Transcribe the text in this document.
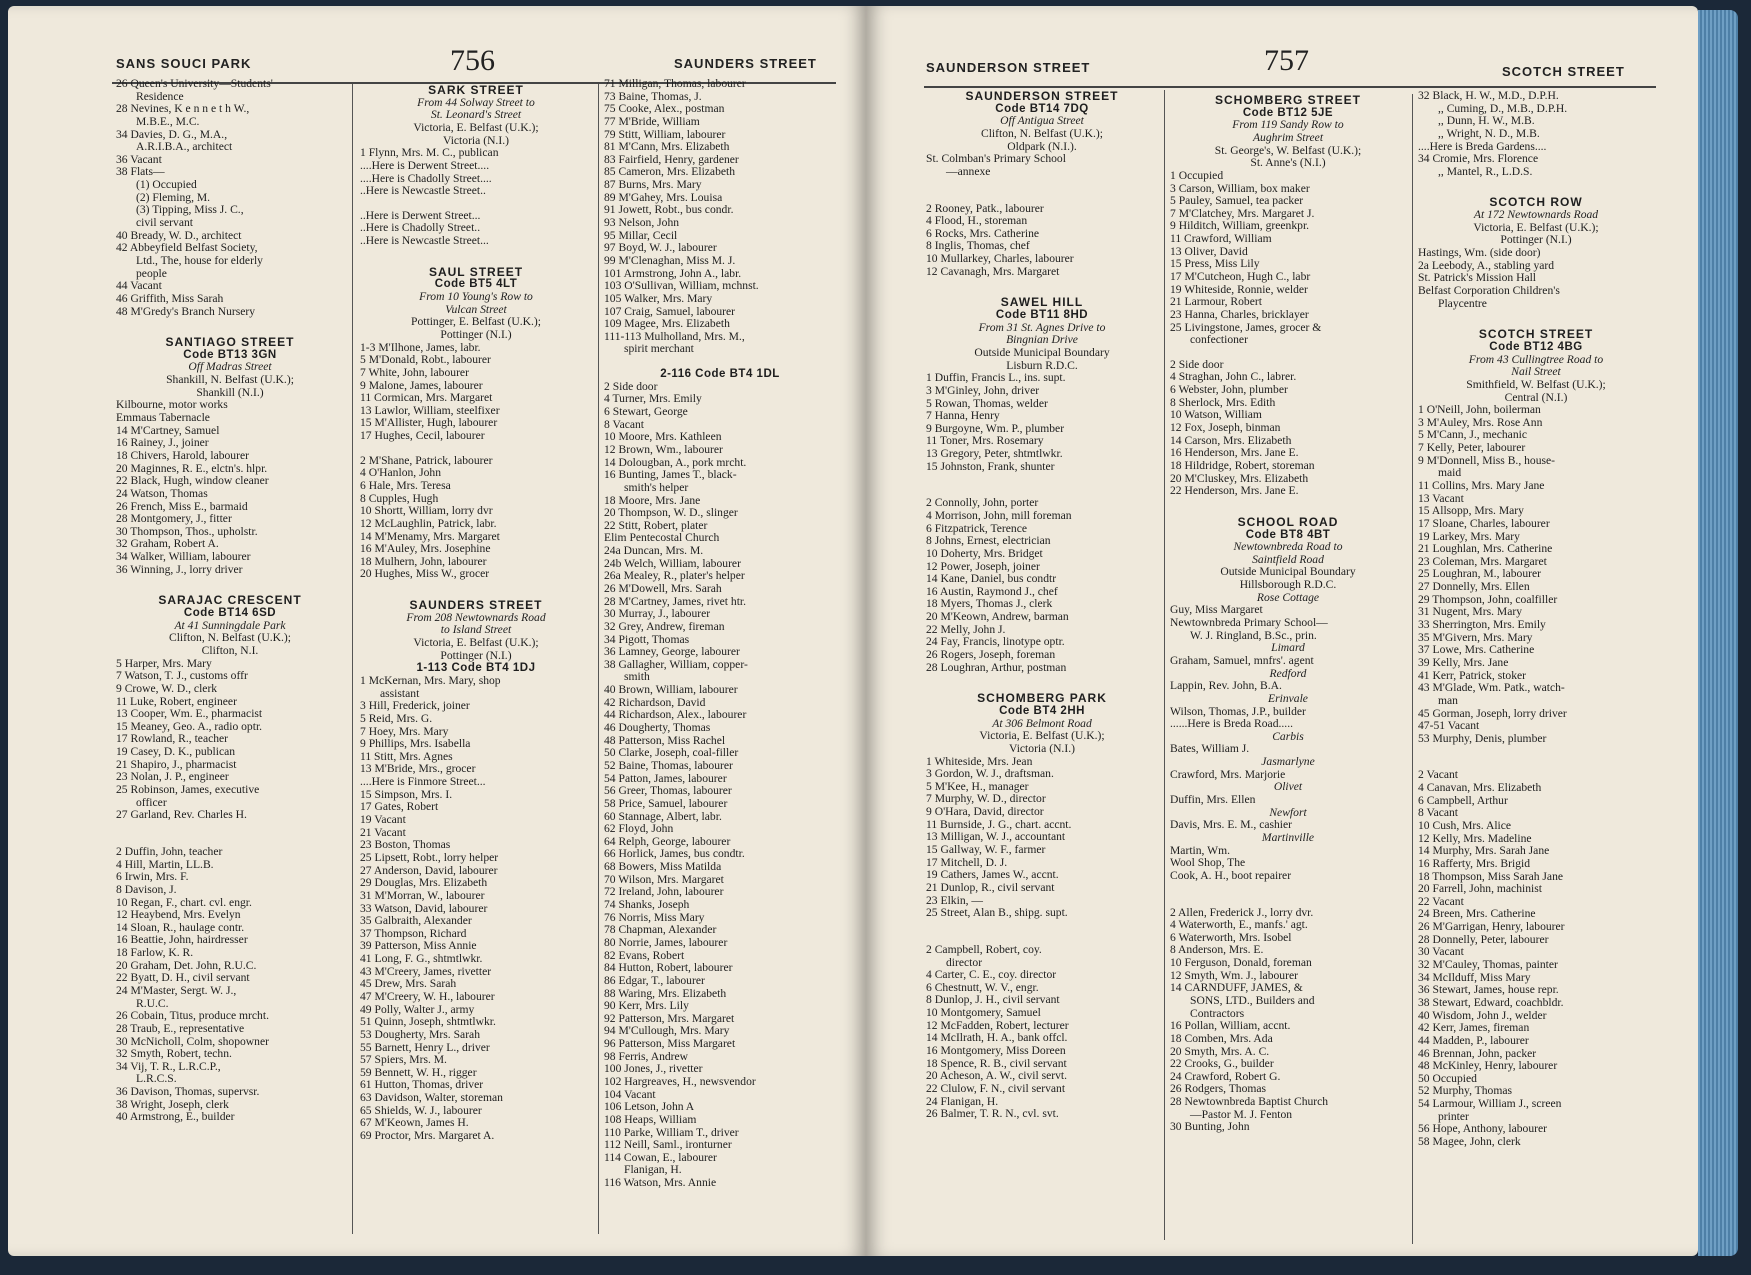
SANS SOUCI PARK	756	SAUNDERS STREET
26 Queen's University—Students'
Residence
28 Nevines, K e n n e t h W.,
M.B.E., M.C.
34 Davies, D. G., M.A.,
A.R.I.B.A., architect
36 Vacant
38 Flats—
(1) Occupied
(2) Fleming, M.
(3) Tipping, Miss J. C.,
civil servant
40 Bready, W. D., architect
42 Abbeyfield Belfast Society,
Ltd., The, house for elderly
people
44 Vacant
46 Griffith, Miss Sarah
48 M'Gredy's Branch Nursery
SANTIAGO STREET
Code BT13 3GN
Off Madras Street
Shankill, N. Belfast (U.K.);
Shankill (N.I.)
Kilbourne, motor works
Emmaus Tabernacle
14 M'Cartney, Samuel
16 Rainey, J., joiner
18 Chivers, Harold, labourer
20 Maginnes, R. E., elctn's. hlpr.
22 Black, Hugh, window cleaner
24 Watson, Thomas
26 French, Miss E., barmaid
28 Montgomery, J., fitter
30 Thompson, Thos., upholstr.
32 Graham, Robert A.
34 Walker, William, labourer
36 Winning, J., lorry driver
SARAJAC CRESCENT
Code BT14 6SD
At 41 Sunningdale Park
Clifton, N. Belfast (U.K.);
Clifton, N.I.
5 Harper, Mrs. Mary
7 Watson, T. J., customs offr
9 Crowe, W. D., clerk
11 Luke, Robert, engineer
13 Cooper, Wm. E., pharmacist
15 Meaney, Geo. A., radio optr.
17 Rowland, R., teacher
19 Casey, D. K., publican
21 Shapiro, J., pharmacist
23 Nolan, J. P., engineer
25 Robinson, James, executive
officer
27 Garland, Rev. Charles H.
2 Duffin, John, teacher
4 Hill, Martin, LL.B.
6 Irwin, Mrs. F.
8 Davison, J.
10 Regan, F., chart. cvl. engr.
12 Heaybend, Mrs. Evelyn
14 Sloan, R., haulage contr.
16 Beattie, John, hairdresser
18 Farlow, K. R.
20 Graham, Det. John, R.U.C.
22 Byatt, D. H., civil servant
24 M'Master, Sergt. W. J.,
R.U.C.
26 Cobain, Titus, produce mrcht.
28 Traub, E., representative
30 McNicholl, Colm, shopowner
32 Smyth, Robert, techn.
34 Vij, T. R., L.R.C.P.,
L.R.C.S.
36 Davison, Thomas, supervsr.
38 Wright, Joseph, clerk
40 Armstrong, E., builder
SARK STREET
From 44 Solway Street to
St. Leonard's Street
Victoria, E. Belfast (U.K.);
Victoria (N.I.)
1 Flynn, Mrs. M. C., publican
....Here is Derwent Street....
....Here is Chadolly Street....
..Here is Newcastle Street..
..Here is Derwent Street...
..Here is Chadolly Street..
..Here is Newcastle Street...
SAUL STREET
Code BT5 4LT
From 10 Young's Row to
Vulcan Street
Pottinger, E. Belfast (U.K.);
Pottinger (N.I.)
1-3 M'Ilhone, James, labr.
5 M'Donald, Robt., labourer
7 White, John, labourer
9 Malone, James, labourer
11 Cormican, Mrs. Margaret
13 Lawlor, William, steelfixer
15 M'Allister, Hugh, labourer
17 Hughes, Cecil, labourer
2 M'Shane, Patrick, labourer
4 O'Hanlon, John
6 Hale, Mrs. Teresa
8 Cupples, Hugh
10 Shortt, William, lorry dvr
12 McLaughlin, Patrick, labr.
14 M'Menamy, Mrs. Margaret
16 M'Auley, Mrs. Josephine
18 Mulhern, John, labourer
20 Hughes, Miss W., grocer
SAUNDERS STREET
From 208 Newtownards Road
to Island Street
Victoria, E. Belfast (U.K.);
Pottinger (N.I.)
1-113 Code BT4 1DJ
1 McKernan, Mrs. Mary, shop
assistant
3 Hill, Frederick, joiner
5 Reid, Mrs. G.
7 Hoey, Mrs. Mary
9 Phillips, Mrs. Isabella
11 Stitt, Mrs. Agnes
13 M'Bride, Mrs., grocer
....Here is Finmore Street...
15 Simpson, Mrs. I.
17 Gates, Robert
19 Vacant
21 Vacant
23 Boston, Thomas
25 Lipsett, Robt., lorry helper
27 Anderson, David, labourer
29 Douglas, Mrs. Elizabeth
31 M'Morran, W., labourer
33 Watson, David, labourer
35 Galbraith, Alexander
37 Thompson, Richard
39 Patterson, Miss Annie
41 Long, F. G., shtmtlwkr.
43 M'Creery, James, rivetter
45 Drew, Mrs. Sarah
47 M'Creery, W. H., labourer
49 Polly, Walter J., army
51 Quinn, Joseph, shtmtlwkr.
53 Dougherty, Mrs. Sarah
55 Barnett, Henry L., driver
57 Spiers, Mrs. M.
59 Bennett, W. H., rigger
61 Hutton, Thomas, driver
63 Davidson, Walter, storeman
65 Shields, W. J., labourer
67 M'Keown, James H.
69 Proctor, Mrs. Margaret A.
71 Milligan, Thomas, labourer
73 Baine, Thomas, J.
75 Cooke, Alex., postman
77 M'Bride, William
79 Stitt, William, labourer
81 M'Cann, Mrs. Elizabeth
83 Fairfield, Henry, gardener
85 Cameron, Mrs. Elizabeth
87 Burns, Mrs. Mary
89 M'Gahey, Mrs. Louisa
91 Jowett, Robt., bus condr.
93 Nelson, John
95 Millar, Cecil
97 Boyd, W. J., labourer
99 M'Clenaghan, Miss M. J.
101 Armstrong, John A., labr.
103 O'Sullivan, William, mchnst.
105 Walker, Mrs. Mary
107 Craig, Samuel, labourer
109 Magee, Mrs. Elizabeth
111-113 Mulholland, Mrs. M.,
spirit merchant
2-116 Code BT4 1DL
2 Side door
4 Turner, Mrs. Emily
6 Stewart, George
8 Vacant
10 Moore, Mrs. Kathleen
12 Brown, Wm., labourer
14 Dolougban, A., pork mrcht.
16 Bunting, James T., black-
smith's helper
18 Moore, Mrs. Jane
20 Thompson, W. D., slinger
22 Stitt, Robert, plater
Elim Pentecostal Church
24a Duncan, Mrs. M.
24b Welch, William, labourer
26a Mealey, R., plater's helper
26 M'Dowell, Mrs. Sarah
28 M'Cartney, James, rivet htr.
30 Murray, J., labourer
32 Grey, Andrew, fireman
34 Pigott, Thomas
36 Lamney, George, labourer
38 Gallagher, William, copper-
smith
40 Brown, William, labourer
42 Richardson, David
44 Richardson, Alex., labourer
46 Dougherty, Thomas
48 Patterson, Miss Rachel
50 Clarke, Joseph, coal-filler
52 Baine, Thomas, labourer
54 Patton, James, labourer
56 Greer, Thomas, labourer
58 Price, Samuel, labourer
60 Stannage, Albert, labr.
62 Floyd, John
64 Relph, George, labourer
66 Horlick, James, bus condtr.
68 Bowers, Miss Matilda
70 Wilson, Mrs. Margaret
72 Ireland, John, labourer
74 Shanks, Joseph
76 Norris, Miss Mary
78 Chapman, Alexander
80 Norrie, James, labourer
82 Evans, Robert
84 Hutton, Robert, labourer
86 Edgar, T., labourer
88 Waring, Mrs. Elizabeth
90 Kerr, Mrs. Lily
92 Patterson, Mrs. Margaret
94 M'Cullough, Mrs. Mary
96 Patterson, Miss Margaret
98 Ferris, Andrew
100 Jones, J., rivetter
102 Hargreaves, H., newsvendor
104 Vacant
106 Letson, John A
108 Heaps, William
110 Parke, William T., driver
112 Neill, Saml., ironturner
114 Cowan, E., labourer
Flanigan, H.
116 Watson, Mrs. Annie
SAUNDERSON STREET	757	SCOTCH STREET
SAUNDERSON STREET
Code BT14 7DQ
Off Antigua Street
Clifton, N. Belfast (U.K.);
Oldpark (N.I.).
St. Colmban's Primary School
—annexe
2 Rooney, Patk., labourer
4 Flood, H., storeman
6 Rocks, Mrs. Catherine
8 Inglis, Thomas, chef
10 Mullarkey, Charles, labourer
12 Cavanagh, Mrs. Margaret
SAWEL HILL
Code BT11 8HD
From 31 St. Agnes Drive to
Bingnian Drive
Outside Municipal Boundary
Lisburn R.D.C.
1 Duffin, Francis L., ins. supt.
3 M'Ginley, John, driver
5 Rowan, Thomas, welder
7 Hanna, Henry
9 Burgoyne, Wm. P., plumber
11 Toner, Mrs. Rosemary
13 Gregory, Peter, shtmtlwkr.
15 Johnston, Frank, shunter
2 Connolly, John, porter
4 Morrison, John, mill foreman
6 Fitzpatrick, Terence
8 Johns, Ernest, electrician
10 Doherty, Mrs. Bridget
12 Power, Joseph, joiner
14 Kane, Daniel, bus condtr
16 Austin, Raymond J., chef
18 Myers, Thomas J., clerk
20 M'Keown, Andrew, barman
22 Melly, John J.
24 Fay, Francis, linotype optr.
26 Rogers, Joseph, foreman
28 Loughran, Arthur, postman
SCHOMBERG PARK
Code BT4 2HH
At 306 Belmont Road
Victoria, E. Belfast (U.K.);
Victoria (N.I.)
1 Whiteside, Mrs. Jean
3 Gordon, W. J., draftsman.
5 M'Kee, H., manager
7 Murphy, W. D., director
9 O'Hara, David, director
11 Burnside, J. G., chart. accnt.
13 Milligan, W. J., accountant
15 Gallway, W. F., farmer
17 Mitchell, D. J.
19 Cathers, James W., accnt.
21 Dunlop, R., civil servant
23 Elkin, —
25 Street, Alan B., shipg. supt.
2 Campbell, Robert, coy.
director
4 Carter, C. E., coy. director
6 Chestnutt, W. V., engr.
8 Dunlop, J. H., civil servant
10 Montgomery, Samuel
12 McFadden, Robert, lecturer
14 McIlrath, H. A., bank offcl.
16 Montgomery, Miss Doreen
18 Spence, R. B., civil servant
20 Acheson, A. W., civil servt.
22 Clulow, F. N., civil servant
24 Flanigan, H.
26 Balmer, T. R. N., cvl. svt.
SCHOMBERG STREET
Code BT12 5JE
From 119 Sandy Row to
Aughrim Street
St. George's, W. Belfast (U.K.);
St. Anne's (N.I.)
1 Occupied
3 Carson, William, box maker
5 Pauley, Samuel, tea packer
7 M'Clatchey, Mrs. Margaret J.
9 Hilditch, William, greenkpr.
11 Crawford, William
13 Oliver, David
15 Press, Miss Lily
17 M'Cutcheon, Hugh C., labr
19 Whiteside, Ronnie, welder
21 Larmour, Robert
23 Hanna, Charles, bricklayer
25 Livingstone, James, grocer &
confectioner
2 Side door
4 Straghan, John C., labrer.
6 Webster, John, plumber
8 Sherlock, Mrs. Edith
10 Watson, William
12 Fox, Joseph, binman
14 Carson, Mrs. Elizabeth
16 Henderson, Mrs. Jane E.
18 Hildridge, Robert, storeman
20 M'Cluskey, Mrs. Elizabeth
22 Henderson, Mrs. Jane E.
SCHOOL ROAD
Code BT8 4BT
Newtownbreda Road to
Saintfield Road
Outside Municipal Boundary
Hillsborough R.D.C.
Rose Cottage
Guy, Miss Margaret
Newtownbreda Primary School—
W. J. Ringland, B.Sc., prin.
Limard
Graham, Samuel, mnfrs'. agent
Redford
Lappin, Rev. John, B.A.
Erinvale
Wilson, Thomas, J.P., builder
......Here is Breda Road.....
Carbis
Bates, William J.
Jasmarlyne
Crawford, Mrs. Marjorie
Olivet
Duffin, Mrs. Ellen
Newfort
Davis, Mrs. E. M., cashier
Martinville
Martin, Wm.
Wool Shop, The
Cook, A. H., boot repairer
2 Allen, Frederick J., lorry dvr.
4 Waterworth, E., manfs.' agt.
6 Waterworth, Mrs. Isobel
8 Anderson, Mrs. E.
10 Ferguson, Donald, foreman
12 Smyth, Wm. J., labourer
14 CARNDUFF, JAMES, &
SONS, LTD., Builders and
Contractors
16 Pollan, William, accnt.
18 Comben, Mrs. Ada
20 Smyth, Mrs. A. C.
22 Crooks, G., builder
24 Crawford, Robert G.
26 Rodgers, Thomas
28 Newtownbreda Baptist Church
—Pastor M. J. Fenton
30 Bunting, John
32 Black, H. W., M.D., D.P.H.
,, Cuming, D., M.B., D.P.H.
,, Dunn, H. W., M.B.
,, Wright, N. D., M.B.
....Here is Breda Gardens....
34 Cromie, Mrs. Florence
,, Mantel, R., L.D.S.
SCOTCH ROW
At 172 Newtownards Road
Victoria, E. Belfast (U.K.);
Pottinger (N.I.)
Hastings, Wm. (side door)
2a Leebody, A., stabling yard
St. Patrick's Mission Hall
Belfast Corporation Children's
Playcentre
SCOTCH STREET
Code BT12 4BG
From 43 Cullingtree Road to
Nail Street
Smithfield, W. Belfast (U.K.);
Central (N.I.)
1 O'Neill, John, boilerman
3 M'Auley, Mrs. Rose Ann
5 M'Cann, J., mechanic
7 Kelly, Peter, labourer
9 M'Donnell, Miss B., house-
maid
11 Collins, Mrs. Mary Jane
13 Vacant
15 Allsopp, Mrs. Mary
17 Sloane, Charles, labourer
19 Larkey, Mrs. Mary
21 Loughlan, Mrs. Catherine
23 Coleman, Mrs. Margaret
25 Loughran, M., labourer
27 Donnelly, Mrs. Ellen
29 Thompson, John, coalfiller
31 Nugent, Mrs. Mary
33 Sherrington, Mrs. Emily
35 M'Givern, Mrs. Mary
37 Lowe, Mrs. Catherine
39 Kelly, Mrs. Jane
41 Kerr, Patrick, stoker
43 M'Glade, Wm. Patk., watch-
man
45 Gorman, Joseph, lorry driver
47-51 Vacant
53 Murphy, Denis, plumber
2 Vacant
4 Canavan, Mrs. Elizabeth
6 Campbell, Arthur
8 Vacant
10 Cush, Mrs. Alice
12 Kelly, Mrs. Madeline
14 Murphy, Mrs. Sarah Jane
16 Rafferty, Mrs. Brigid
18 Thompson, Miss Sarah Jane
20 Farrell, John, machinist
22 Vacant
24 Breen, Mrs. Catherine
26 M'Garrigan, Henry, labourer
28 Donnelly, Peter, labourer
30 Vacant
32 M'Cauley, Thomas, painter
34 McIlduff, Miss Mary
36 Stewart, James, house repr.
38 Stewart, Edward, coachbldr.
40 Wisdom, John J., welder
42 Kerr, James, fireman
44 Madden, P., labourer
46 Brennan, John, packer
48 McKinley, Henry, labourer
50 Occupied
52 Murphy, Thomas
54 Larmour, William J., screen
printer
56 Hope, Anthony, labourer
58 Magee, John, clerk
